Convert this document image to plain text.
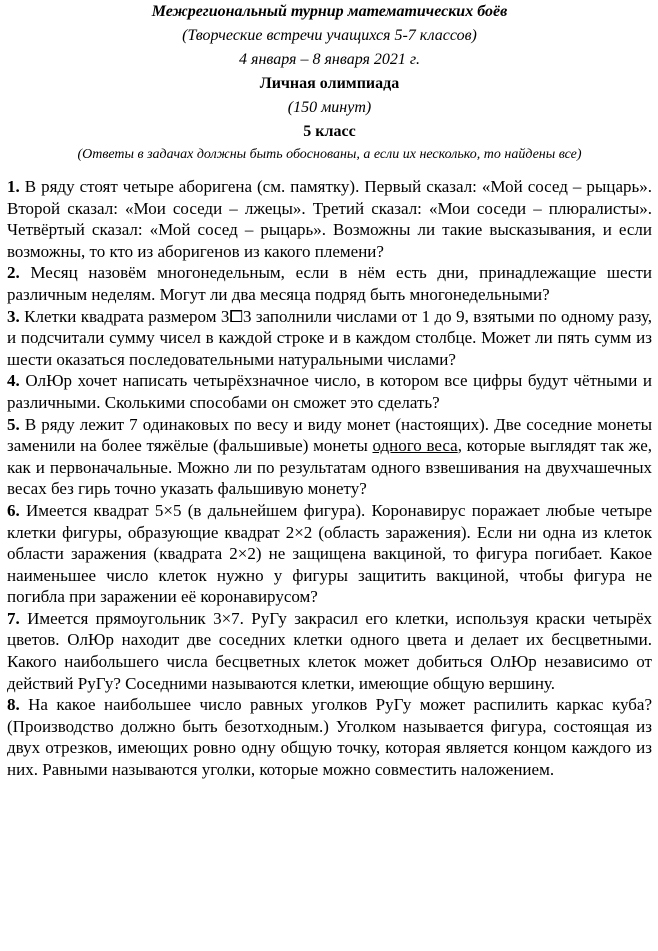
Межрегиональный турнир математических боёв
(Творческие встречи учащихся 5-7 классов)
4 января – 8 января 2021 г.
Личная олимпиада
(150 минут)
5 класс
(Ответы в задачах должны быть обоснованы, а если их несколько, то найдены все)

1. В ряду стоят четыре аборигена (см. памятку). Первый сказал: «Мой сосед – рыцарь». Второй сказал: «Мои соседи – лжецы». Третий сказал: «Мои соседи – плюралисты». Четвёртый сказал: «Мой сосед – рыцарь». Возможны ли такие высказывания, и если возможны, то кто из аборигенов из какого племени?

2. Месяц назовём многонедельным, если в нём есть дни, принадлежащие шести различным неделям. Могут ли два месяца подряд быть многонедельными?

3. Клетки квадрата размером 3⧠3 заполнили числами от 1 до 9, взятыми по одному разу, и подсчитали сумму чисел в каждой строке и в каждом столбце. Может ли пять сумм из шести оказаться последовательными натуральными числами?

4. ОлЮр хочет написать четырёхзначное число, в котором все цифры будут чётными и различными. Сколькими способами он сможет это сделать?

5. В ряду лежит 7 одинаковых по весу и виду монет (настоящих). Две соседние монеты заменили на более тяжёлые (фальшивые) монеты одного веса, которые выглядят так же, как и первоначальные. Можно ли по результатам одного взвешивания на двухчашечных весах без гирь точно указать фальшивую монету?

6. Имеется квадрат 5×5 (в дальнейшем фигура). Коронавирус поражает любые четыре клетки фигуры, образующие квадрат 2×2 (область заражения). Если ни одна из клеток области заражения (квадрата 2×2) не защищена вакциной, то фигура погибает. Какое наименьшее число клеток нужно у фигуры защитить вакциной, чтобы фигура не погибла при заражении её коронавирусом?

7. Имеется прямоугольник 3×7. РуГу закрасил его клетки, используя краски четырёх цветов. ОлЮр находит две соседних клетки одного цвета и делает их бесцветными. Какого наибольшего числа бесцветных клеток может добиться ОлЮр независимо от действий РуГу? Соседними называются клетки, имеющие общую вершину.

8. На какое наибольшее число равных уголков РуГу может распилить каркас куба? (Производство должно быть безотходным.) Уголком называется фигура, состоящая из двух отрезков, имеющих ровно одну общую точку, которая является концом каждого из них. Равными называются уголки, которые можно совместить наложением.
